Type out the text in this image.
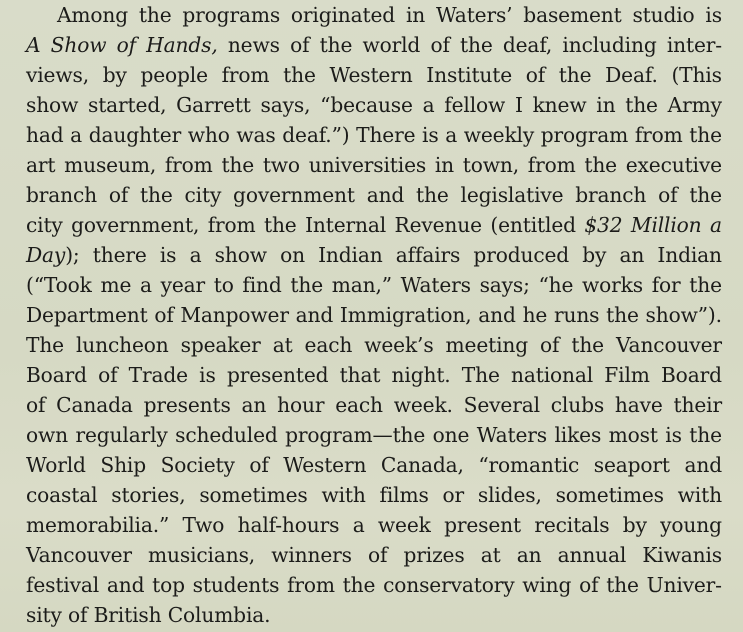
Among the programs originated in Waters’ basement studio is
A Show of Hands, news of the world of the deaf, including inter-
views, by people from the Western Institute of the Deaf. (This
show started, Garrett says, “because a fellow I knew in the Army
had a daughter who was deaf.”) There is a weekly program from the
art museum, from the two universities in town, from the executive
branch of the city government and the legislative branch of the
city government, from the Internal Revenue (entitled $32 Million a
Day); there is a show on Indian affairs produced by an Indian
(“Took me a year to find the man,” Waters says; “he works for the
Department of Manpower and Immigration, and he runs the show”).
The luncheon speaker at each week’s meeting of the Vancouver
Board of Trade is presented that night. The national Film Board
of Canada presents an hour each week. Several clubs have their
own regularly scheduled program—the one Waters likes most is the
World Ship Society of Western Canada, “romantic seaport and
coastal stories, sometimes with films or slides, sometimes with
memorabilia.” Two half-hours a week present recitals by young
Vancouver musicians, winners of prizes at an annual Kiwanis
festival and top students from the conservatory wing of the Univer-
sity
of
British
Columbia.
